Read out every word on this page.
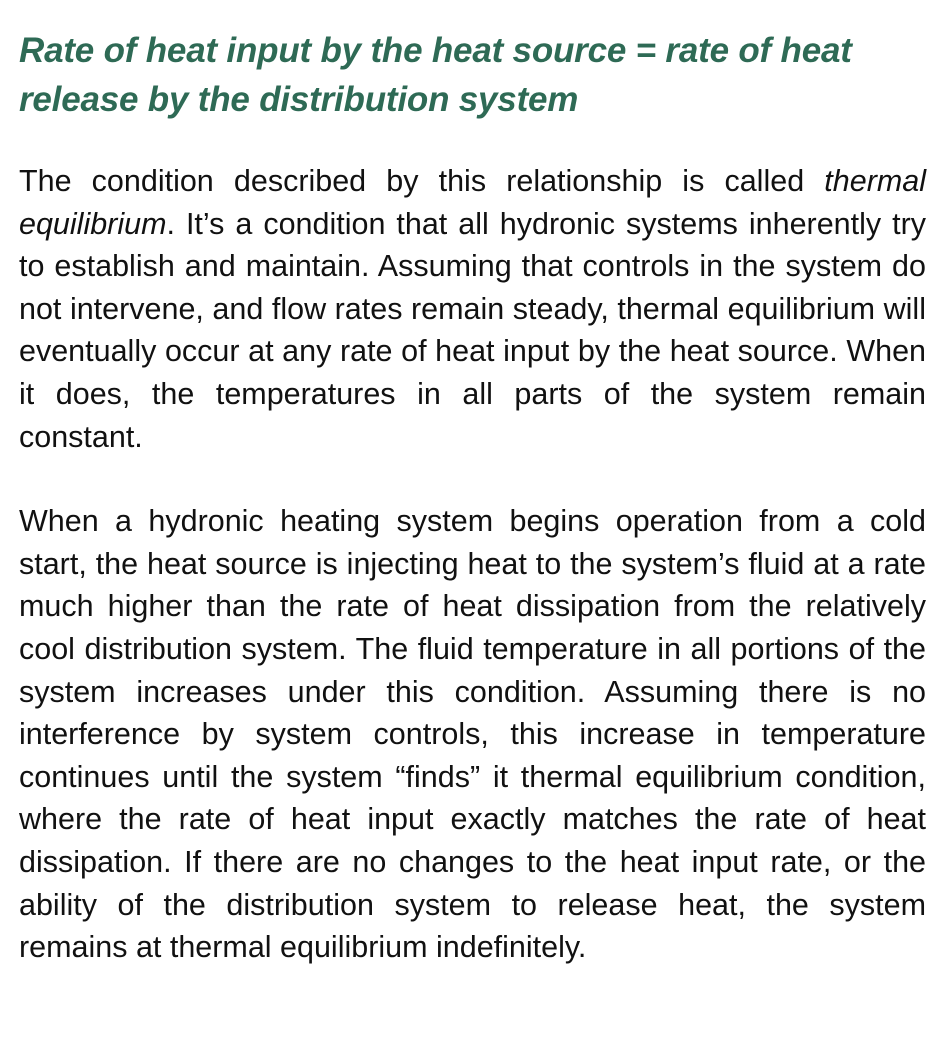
Rate of heat input by the heat source = rate of heat release by the distribution system

The condition described by this relationship is called thermal equilibrium. It’s a condition that all hydronic systems inherently try to establish and maintain. Assuming that controls in the system do not intervene, and flow rates remain steady, thermal equilibrium will eventually occur at any rate of heat input by the heat source. When it does, the temperatures in all parts of the system remain constant.

When a hydronic heating system begins operation from a cold start, the heat source is injecting heat to the system’s fluid at a rate much higher than the rate of heat dissipation from the relatively cool distribution system. The fluid temperature in all portions of the system increases under this condition. Assuming there is no interference by system controls, this increase in temperature continues until the system “finds” it thermal equilibrium condition, where the rate of heat input exactly matches the rate of heat dissipation. If there are no changes to the heat input rate, or the ability of the distribution system to release heat, the system remains at thermal equilibrium indefinitely.
